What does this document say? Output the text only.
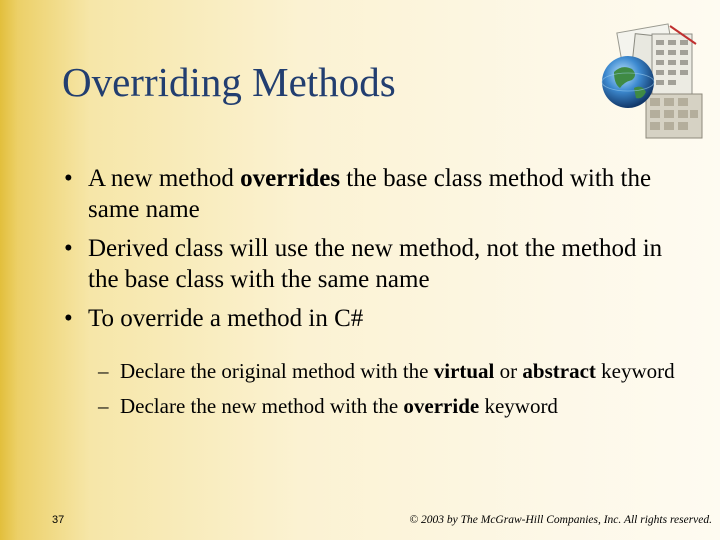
Overriding Methods
• A new method overrides the base class method with the same name
• Derived class will use the new method, not the method in the base class with the same name
• To override a method in C#
– Declare the original method with the virtual or abstract keyword
– Declare the new method with the override keyword
37	© 2003 by The McGraw-Hill Companies, Inc. All rights reserved.
